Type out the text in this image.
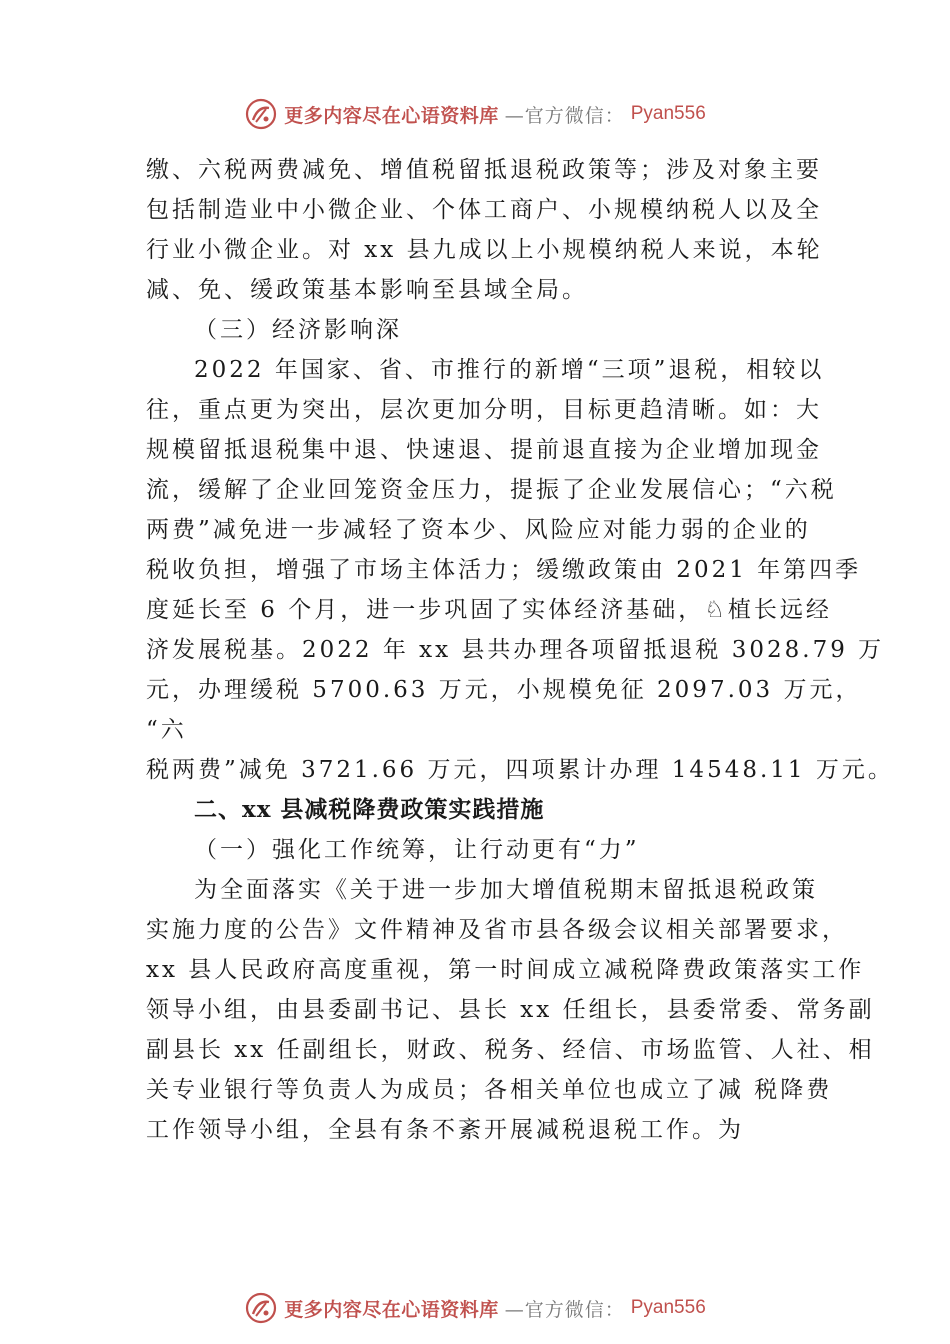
更多内容尽在心语资料库 —官方微信： Pyan556
缴、六税两费减免、增值税留抵退税政策等；涉及对象主要
包括制造业中小微企业、个体工商户、小规模纳税人以及全
行业小微企业。对 xx 县九成以上小规模纳税人来说，本轮
减、免、缓政策基本影响至县域全局。
（三）经济影响深
2022 年国家、省、市推行的新增“三项”退税，相较以
往，重点更为突出，层次更加分明，目标更趋清晰。如：大
规模留抵退税集中退、快速退、提前退直接为企业增加现金
流，缓解了企业回笼资金压力，提振了企业发展信心；“六税
两费”减免进一步减轻了资本少、风险应对能力弱的企业的
税收负担，增强了市场主体活力；缓缴政策由 2021 年第四季
度延长至 6 个月，进一步巩固了实体经济基础，♘植长远经
济发展税基。2022 年 xx 县共办理各项留抵退税 3028.79 万
元，办理缓税 5700.63 万元，小规模免征 2097.03 万元，
“六
税两费”减免 3721.66 万元，四项累计办理 14548.11 万元。
二、xx 县减税降费政策实践措施
（一）强化工作统筹，让行动更有“力”
为全面落实《关于进一步加大增值税期末留抵退税政策
实施力度的公告》文件精神及省市县各级会议相关部署要求，
xx 县人民政府高度重视，第一时间成立减税降费政策落实工作
领导小组，由县委副书记、县长 xx 任组长，县委常委、常务副
副县长 xx 任副组长，财政、税务、经信、市场监管、人社、相
关专业银行等负责人为成员；各相关单位也成立了减 税降费
工作领导小组，全县有条不紊开展减税退税工作。为
更多内容尽在心语资料库 —官方微信： Pyan556
